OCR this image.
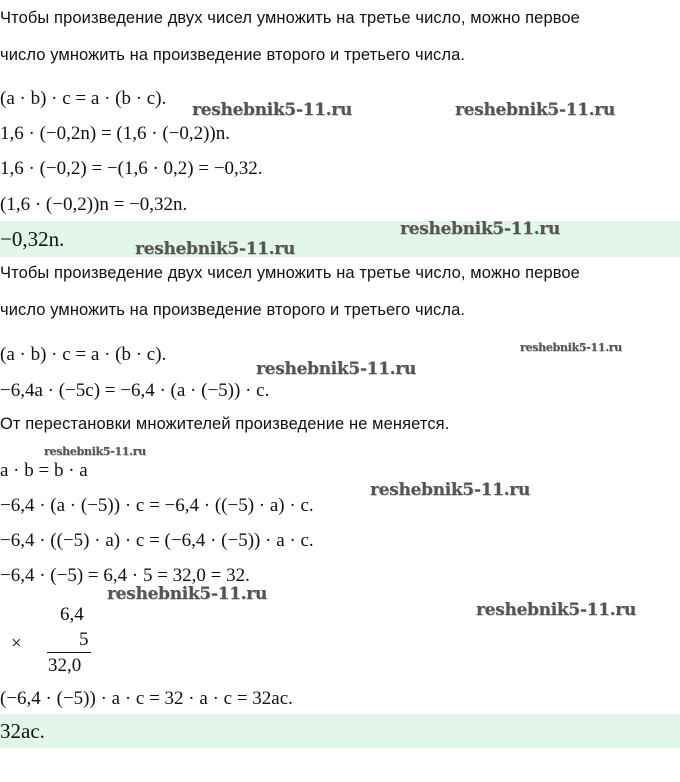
Чтобы произведение двух чисел умножить на третье число, можно первое
число умножить на произведение второго и третьего числа.
(a · b) · c = a · (b · c).
1,6 · (−0,2n) = (1,6 · (−0,2))n.
1,6 · (−0,2) = −(1,6 · 0,2) = −0,32.
(1,6 · (−0,2))n = −0,32n.
−0,32n.
Чтобы произведение двух чисел умножить на третье число, можно первое
число умножить на произведение второго и третьего числа.
(a · b) · c = a · (b · c).
−6,4a · (−5c) = −6,4 · (a · (−5)) · c.
От перестановки множителей произведение не меняется.
a · b = b · a
−6,4 · (a · (−5)) · c = −6,4 · ((−5) · a) · c.
−6,4 · ((−5) · a) · c = (−6,4 · (−5)) · a · c.
−6,4 · (−5) = 6,4 · 5 = 32,0 = 32.
6,4
×	5
32,0
(−6,4 · (−5)) · a · c = 32 · a · c = 32ac.
32ac.
reshebnik5-11.ru	reshebnik5-11.ru
reshebnik5-11.ru
reshebnik5-11.ru
reshebnik5-11.ru
reshebnik5-11.ru
reshebnik5-11.ru
reshebnik5-11.ru
reshebnik5-11.ru
reshebnik5-11.ru
